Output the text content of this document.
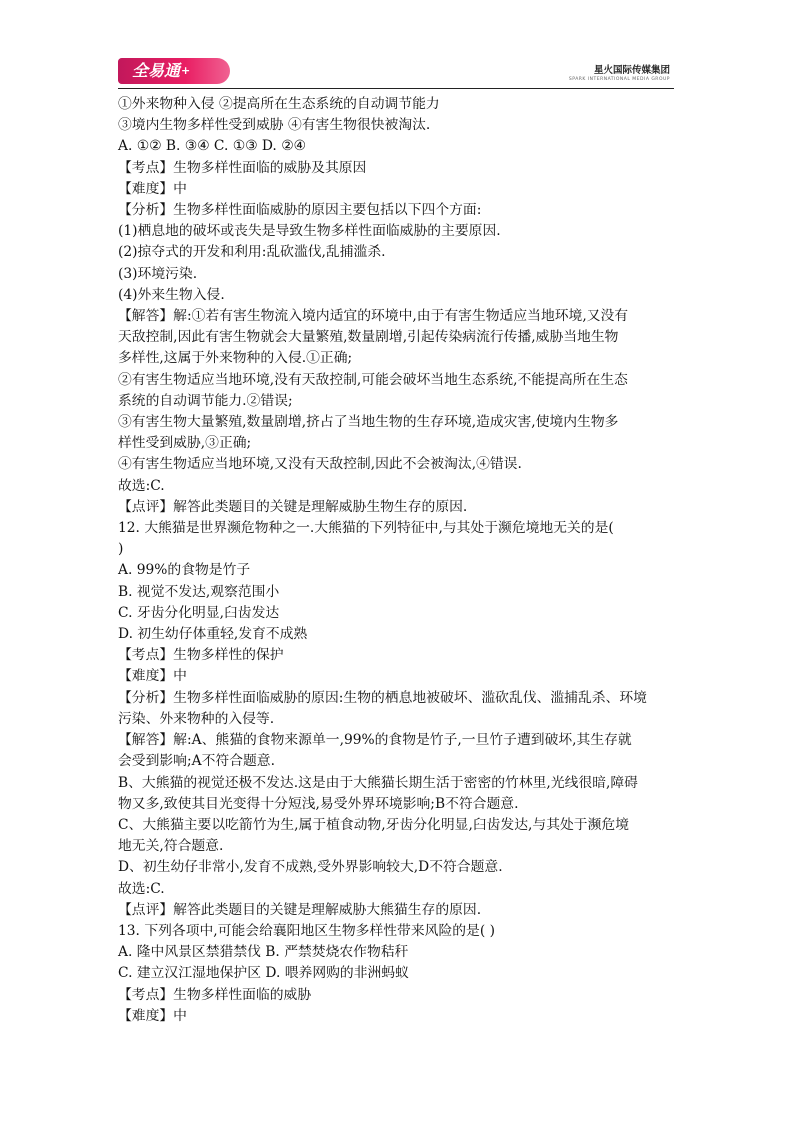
全易通+	星火国际传媒集团
SPARK INTERNATIONAL MEDIA GROUP

①外来物种入侵 ②提高所在生态系统的自动调节能力

③境内生物多样性受到威胁 ④有害生物很快被淘汰.

A. ①② B. ③④ C. ①③ D. ②④

【考点】生物多样性面临的威胁及其原因

【难度】中

【分析】生物多样性面临威胁的原因主要包括以下四个方面:

(1)栖息地的破坏或丧失是导致生物多样性面临威胁的主要原因.

(2)掠夺式的开发和利用:乱砍滥伐,乱捕滥杀.

(3)环境污染.

(4)外来生物入侵.

【解答】解:①若有害生物流入境内适宜的环境中,由于有害生物适应当地环境,又没有

天敌控制,因此有害生物就会大量繁殖,数量剧增,引起传染病流行传播,威胁当地生物

多样性,这属于外来物种的入侵.①正确;

②有害生物适应当地环境,没有天敌控制,可能会破坏当地生态系统,不能提高所在生态

系统的自动调节能力.②错误;

③有害生物大量繁殖,数量剧增,挤占了当地生物的生存环境,造成灾害,使境内生物多

样性受到威胁,③正确;

④有害生物适应当地环境,又没有天敌控制,因此不会被淘汰,④错误.

故选:C.

【点评】解答此类题目的关键是理解威胁生物生存的原因.

12. 大熊猫是世界濒危物种之一.大熊猫的下列特征中,与其处于濒危境地无关的是(

)

A. 99%的食物是竹子

B. 视觉不发达,观察范围小

C. 牙齿分化明显,臼齿发达

D. 初生幼仔体重轻,发育不成熟

【考点】生物多样性的保护

【难度】中

【分析】生物多样性面临威胁的原因:生物的栖息地被破坏、滥砍乱伐、滥捕乱杀、环境

污染、外来物种的入侵等.

【解答】解:A、熊猫的食物来源单一,99%的食物是竹子,一旦竹子遭到破坏,其生存就

会受到影响;A不符合题意.

B、大熊猫的视觉还极不发达.这是由于大熊猫长期生活于密密的竹林里,光线很暗,障碍

物又多,致使其目光变得十分短浅,易受外界环境影响;B不符合题意.

C、大熊猫主要以吃箭竹为生,属于植食动物,牙齿分化明显,臼齿发达,与其处于濒危境

地无关,符合题意.

D、初生幼仔非常小,发育不成熟,受外界影响较大,D不符合题意.

故选:C.

【点评】解答此类题目的关键是理解威胁大熊猫生存的原因.

13. 下列各项中,可能会给襄阳地区生物多样性带来风险的是( )

A. 隆中风景区禁猎禁伐 B. 严禁焚烧农作物秸秆

C. 建立汉江湿地保护区 D. 喂养网购的非洲蚂蚁

【考点】生物多样性面临的威胁

【难度】中
